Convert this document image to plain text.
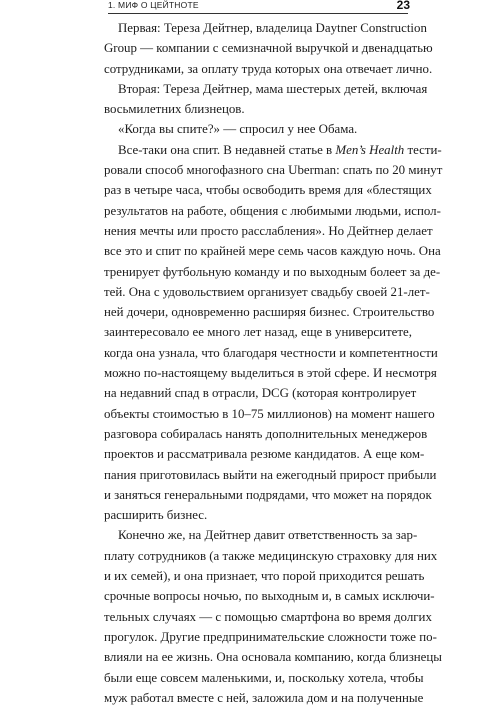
1. МИФ О ЦЕЙТНОТЕ	23
Первая: Тереза Дейтнер, владелица Daytner Construction
Group — компании с семизначной выручкой и двенадцатью
сотрудниками, за оплату труда которых она отвечает лично.
Вторая: Тереза Дейтнер, мама шестерых детей, включая
восьмилетних близнецов.
«Когда вы спите?» — спросил у нее Обама.
Все-таки она спит. В недавней статье в Men’s Health тести-
ровали способ многофазного сна Uberman: спать по 20 минут
раз в четыре часа, чтобы освободить время для «блестящих
результатов на работе, общения с любимыми людьми, испол-
нения мечты или просто расслабления». Но Дейтнер делает
все это и спит по крайней мере семь часов каждую ночь. Она
тренирует футбольную команду и по выходным болеет за де-
тей. Она с удовольствием организует свадьбу своей 21-лет-
ней дочери, одновременно расширяя бизнес. Строительство
заинтересовало ее много лет назад, еще в университете,
когда она узнала, что благодаря честности и компетентности
можно по-настоящему выделиться в этой сфере. И несмотря
на недавний спад в отрасли, DCG (которая контролирует
объекты стоимостью в 10–75 миллионов) на момент нашего
разговора собиралась нанять дополнительных менеджеров
проектов и рассматривала резюме кандидатов. А еще ком-
пания приготовилась выйти на ежегодный прирост прибыли
и заняться генеральными подрядами, что может на порядок
расширить бизнес.
Конечно же, на Дейтнер давит ответственность за зар-
плату сотрудников (а также медицинскую страховку для них
и их семей), и она признает, что порой приходится решать
срочные вопросы ночью, по выходным и, в самых исключи-
тельных случаях — с помощью смартфона во время долгих
прогулок. Другие предпринимательские сложности тоже по-
влияли на ее жизнь. Она основала компанию, когда близнецы
были еще совсем маленькими, и, поскольку хотела, чтобы
муж работал вместе с ней, заложила дом и на полученные
